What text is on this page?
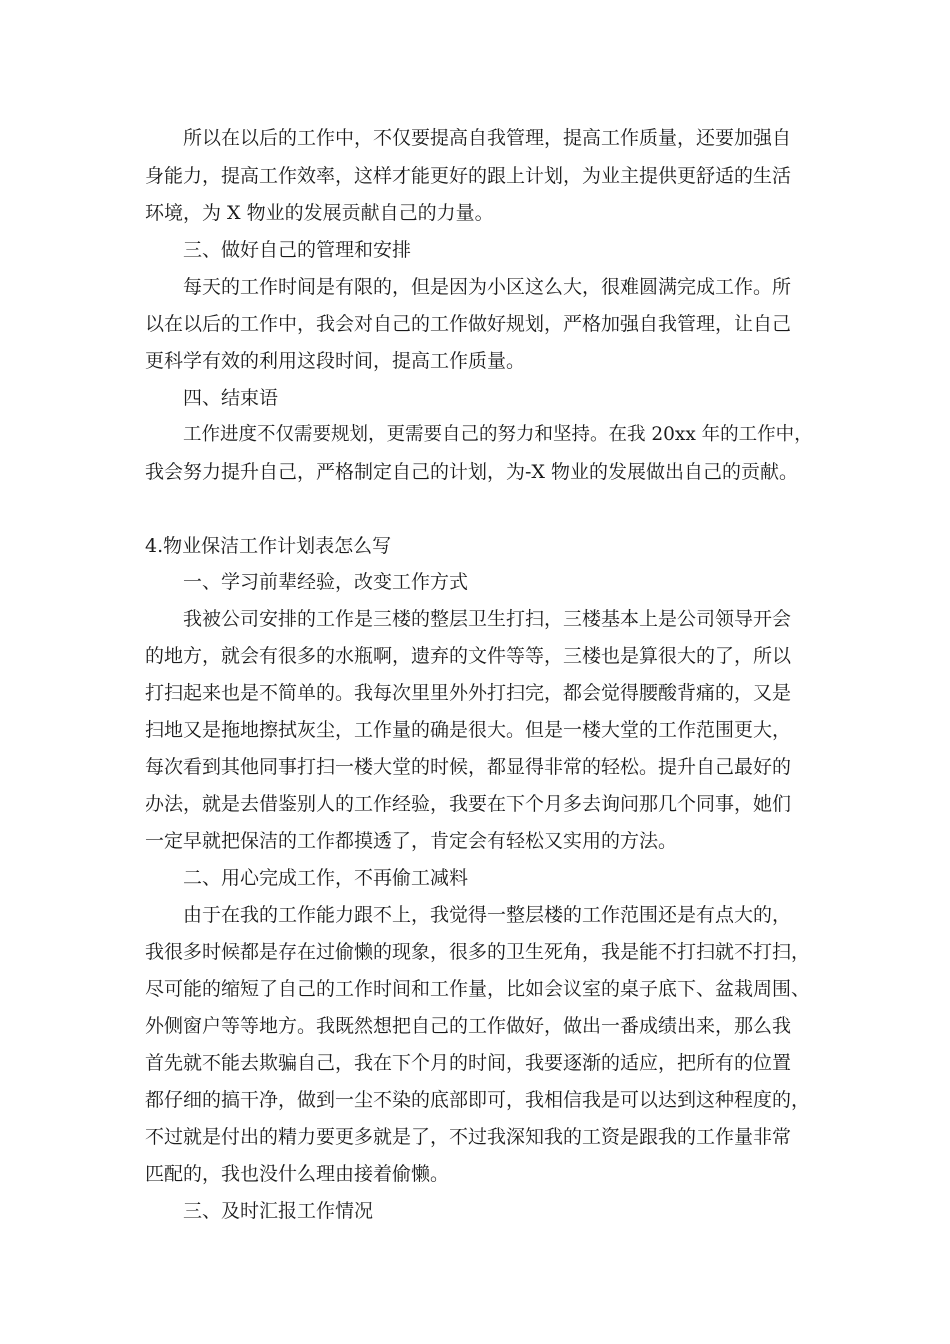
所以在以后的工作中，不仅要提高自我管理，提高工作质量，还要加强自
身能力，提高工作效率，这样才能更好的跟上计划，为业主提供更舒适的生活
环境，为 X 物业的发展贡献自己的力量。
三、做好自己的管理和安排
每天的工作时间是有限的，但是因为小区这么大，很难圆满完成工作。所
以在以后的工作中，我会对自己的工作做好规划，严格加强自我管理，让自己
更科学有效的利用这段时间，提高工作质量。
四、结束语
工作进度不仅需要规划，更需要自己的努力和坚持。在我 20xx 年的工作中，
我会努力提升自己，严格制定自己的计划，为-X 物业的发展做出自己的贡献。
4.物业保洁工作计划表怎么写
一、学习前辈经验，改变工作方式
我被公司安排的工作是三楼的整层卫生打扫，三楼基本上是公司领导开会
的地方，就会有很多的水瓶啊，遗弃的文件等等，三楼也是算很大的了，所以
打扫起来也是不简单的。我每次里里外外打扫完，都会觉得腰酸背痛的，又是
扫地又是拖地擦拭灰尘，工作量的确是很大。但是一楼大堂的工作范围更大，
每次看到其他同事打扫一楼大堂的时候，都显得非常的轻松。提升自己最好的
办法，就是去借鉴别人的工作经验，我要在下个月多去询问那几个同事，她们
一定早就把保洁的工作都摸透了，肯定会有轻松又实用的方法。
二、用心完成工作，不再偷工减料
由于在我的工作能力跟不上，我觉得一整层楼的工作范围还是有点大的，
我很多时候都是存在过偷懒的现象，很多的卫生死角，我是能不打扫就不打扫，
尽可能的缩短了自己的工作时间和工作量，比如会议室的桌子底下、盆栽周围、
外侧窗户等等地方。我既然想把自己的工作做好，做出一番成绩出来，那么我
首先就不能去欺骗自己，我在下个月的时间，我要逐渐的适应，把所有的位置
都仔细的搞干净，做到一尘不染的底部即可，我相信我是可以达到这种程度的，
不过就是付出的精力要更多就是了，不过我深知我的工资是跟我的工作量非常
匹配的，我也没什么理由接着偷懒。
三、及时汇报工作情况
